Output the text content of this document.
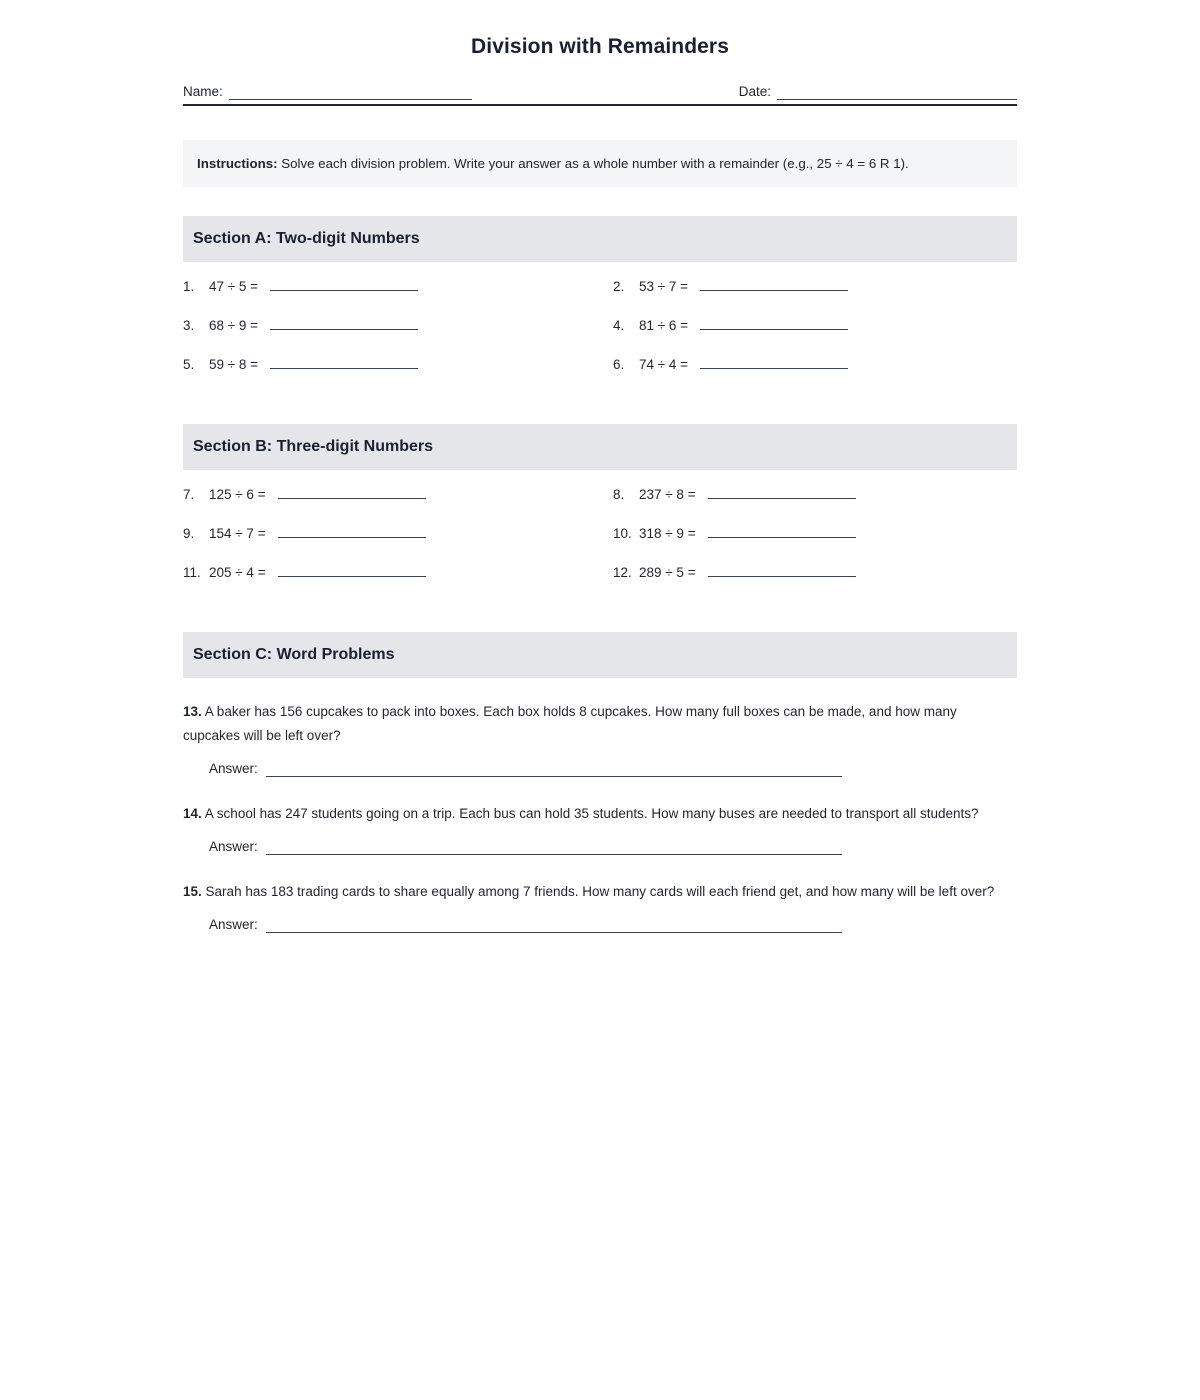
Division with Remainders
Name:	Date:
Instructions: Solve each division problem. Write your answer as a whole number with a remainder (e.g., 25 ÷ 4 = 6 R 1).
Section A: Two-digit Numbers
1.	47 ÷ 5 =	2.	53 ÷ 7 =
3.	68 ÷ 9 =	4.	81 ÷ 6 =
5.	59 ÷ 8 =	6.	74 ÷ 4 =
Section B: Three-digit Numbers
7.	125 ÷ 6 =	8.	237 ÷ 8 =
9.	154 ÷ 7 =	10. 318 ÷ 9 =
11. 205 ÷ 4 =	12. 289 ÷ 5 =
Section C: Word Problems
13. A baker has 156 cupcakes to pack into boxes. Each box holds 8 cupcakes. How many full boxes can be made, and how many cupcakes will be left over?
Answer:
14. A school has 247 students going on a trip. Each bus can hold 35 students. How many buses are needed to transport all students?
Answer:
15. Sarah has 183 trading cards to share equally among 7 friends. How many cards will each friend get, and how many will be left over?
Answer:
